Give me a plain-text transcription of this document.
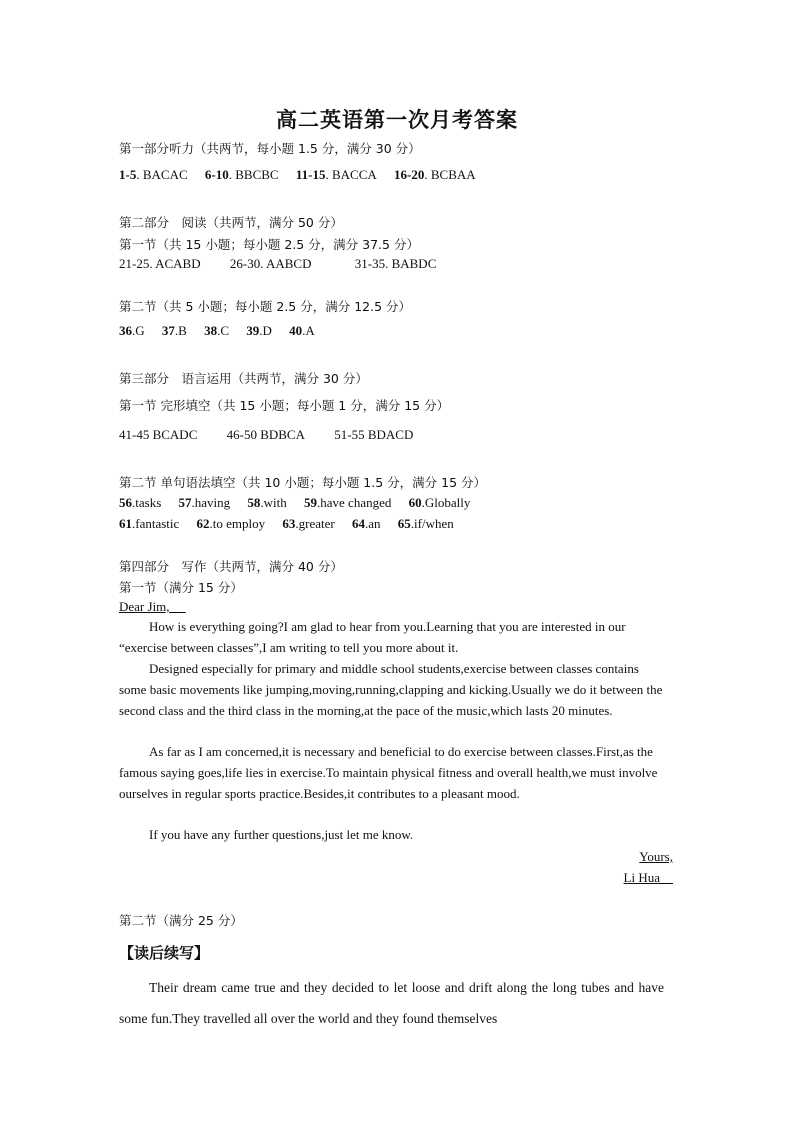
高二英语第一次月考答案
第一部分听力（共两节，每小题 1.5 分，满分 30 分）
1-5. BACAC 6-10. BBCBC 11-15. BACCA 16-20. BCBAA
第二部分　阅读（共两节，满分 50 分）
第一节（共 15 小题；每小题 2.5 分，满分 37.5 分）
21-25. ACABD 26-30. AABCD	31-35. BABDC
第二节（共 5 小题；每小题 2.5 分，满分 12.5 分）
36.G 37.B 38.C 39.D 40.A
第三部分　语言运用（共两节，满分 30 分）
第一节 完形填空（共 15 小题；每小题 1 分，满分 15 分）
41-45 BCADC 46-50 BDBCA 51-55 BDACD
第二节 单句语法填空（共 10 小题；每小题 1.5 分，满分 15 分）
56.tasks 57.having 58.with 59.have changed 60.Globally
61.fantastic 62.to employ 63.greater 64.an 65.if/when
第四部分　写作（共两节，满分 40 分）
第一节（满分 15 分）
Dear Jim,
How is everything going?I am glad to hear from you.Learning that you are interested in our “exercise between classes”,I am writing to tell you more about it.
Designed especially for primary and middle school students,exercise between classes contains some basic movements like jumping,moving,running,clapping and kicking.Usually we do it between the second class and the third class in the morning,at the pace of the music,which lasts 20 minutes.
As far as I am concerned,it is necessary and beneficial to do exercise between classes.First,as the famous saying goes,life lies in exercise.To maintain physical fitness and overall health,we must involve ourselves in regular sports practice.Besides,it contributes to a pleasant mood.
If you have any further questions,just let me know.
Yours,
Li Hua
第二节（满分 25 分）
【读后续写】
Their dream came true and they decided to let loose and drift along the long tubes and have some fun.They travelled all over the world and they found themselves
